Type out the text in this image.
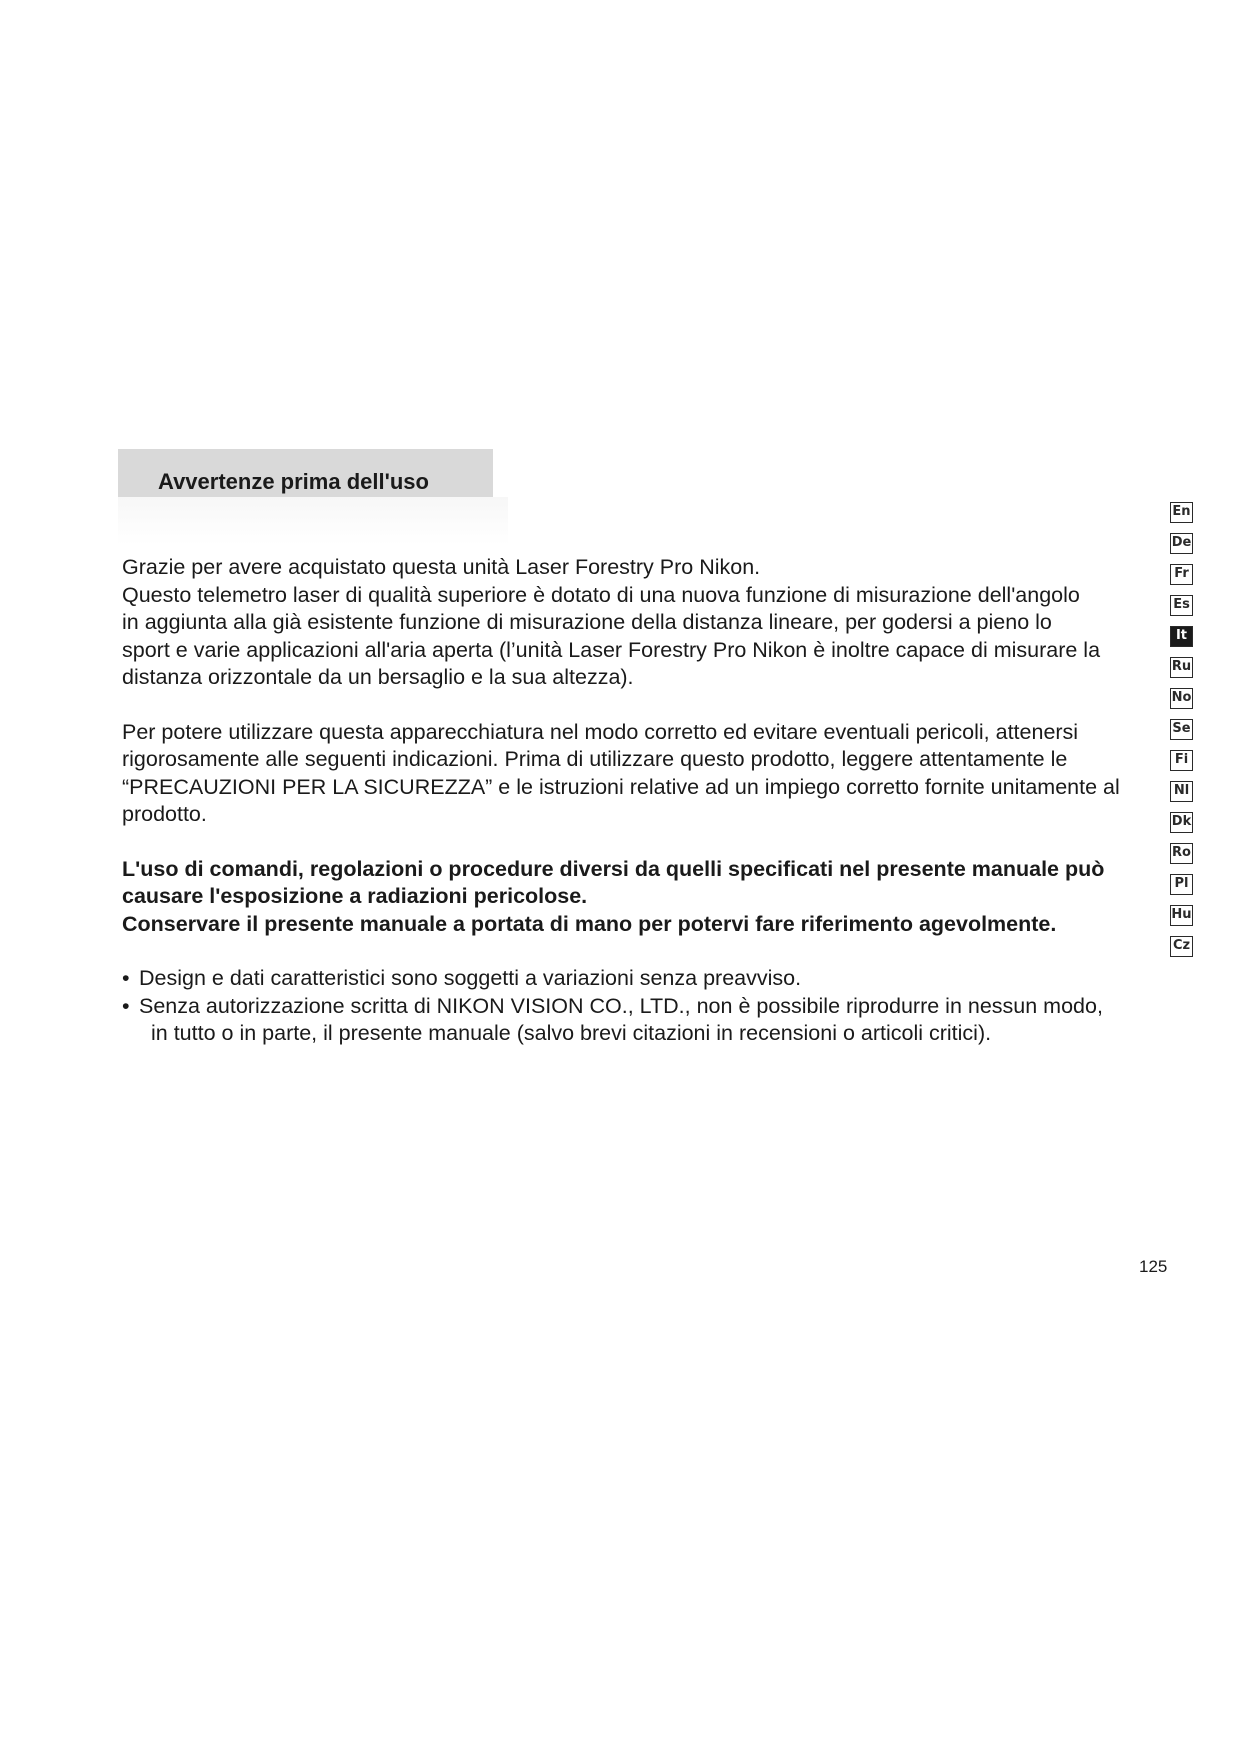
Avvertenze prima dell'uso

Grazie per avere acquistato questa unità Laser Forestry Pro Nikon.
Questo telemetro laser di qualità superiore è dotato di una nuova funzione di misurazione dell'angolo
in aggiunta alla già esistente funzione di misurazione della distanza lineare, per godersi a pieno lo
sport e varie applicazioni all'aria aperta (l’unità Laser Forestry Pro Nikon è inoltre capace di misurare la
distanza orizzontale da un bersaglio e la sua altezza).

Per potere utilizzare questa apparecchiatura nel modo corretto ed evitare eventuali pericoli, attenersi
rigorosamente alle seguenti indicazioni. Prima di utilizzare questo prodotto, leggere attentamente le
“PRECAUZIONI PER LA SICUREZZA” e le istruzioni relative ad un impiego corretto fornite unitamente al
prodotto.

L'uso di comandi, regolazioni o procedure diversi da quelli specificati nel presente manuale può
causare l'esposizione a radiazioni pericolose.
Conservare il presente manuale a portata di mano per potervi fare riferimento agevolmente.

• Design e dati caratteristici sono soggetti a variazioni senza preavviso.
• Senza autorizzazione scritta di NIKON VISION CO., LTD., non è possibile riprodurre in nessun modo,
in tutto o in parte, il presente manuale (salvo brevi citazioni in recensioni o articoli critici).
En
De
Fr
Es
It
Ru
No
Se
Fi
Nl
Dk
Ro
Pl
Hu
Cz
125
